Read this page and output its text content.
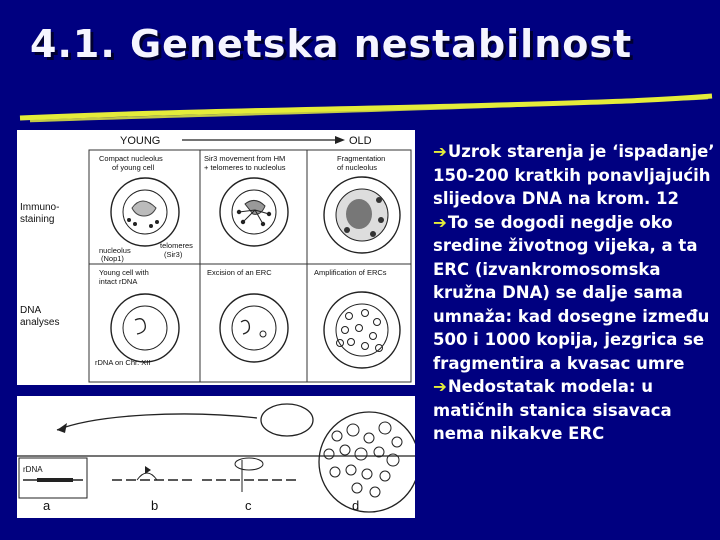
4.1. Genetska nestabilnost
YOUNG	OLD
Immuno-
staining
DNA
analyses
Compact nucleolus
of young cell
Sir3 movement from HM
+ telomeres to nucleolus
Fragmentation
of nucleolus
nucleolus
(Nop1)
telomeres
(Sir3)
Young cell with
intact rDNA
Excision of an ERC	Amplification of ERCs
rDNA on Chr. XII
rDNA
a	b	c	d

➔Uzrok starenja je ‘ispadanje’ 150-200 kratkih ponavljajućih slijedova DNA na krom. 12

➔To se dogodi negdje oko sredine životnog vijeka, a ta ERC (izvankromosomska kružna DNA) se dalje sama umnaža: kad dosegne između 500 i 1000 kopija, jezgrica se fragmentira a kvasac umre

➔Nedostatak modela: u matičnih stanica sisavaca nema nikakve ERC
